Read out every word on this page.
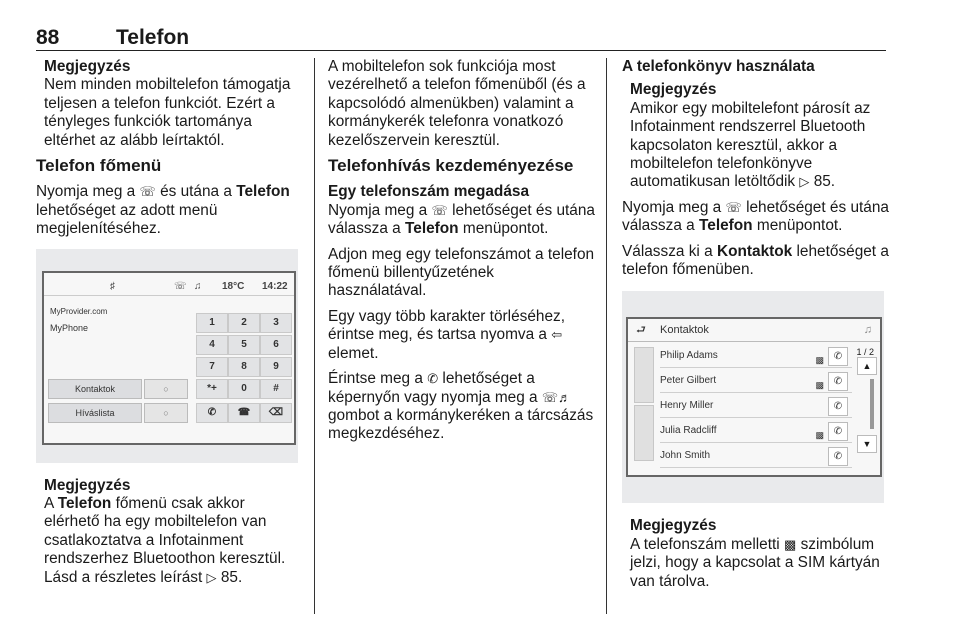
88	Telefon
Megjegyzés
Nem minden mobiltelefon támogatja teljesen a telefon funkciót. Ezért a tényleges funkciók tartománya eltérhet az alább leírtaktól.
Telefon főmenü

Nyomja meg a ☏ és utána a Telefon lehetőséget az adott menü megjelenítéséhez.

♯	☏ ♫ 18°C 14:22
MyProvider.com
MyPhone	1	2	3
4	5	6
7	8	9
*+	0	#
✆	☎	⌫
Kontaktok	○
Híváslista	○
Megjegyzés
A Telefon főmenü csak akkor elérhető ha egy mobiltelefon van csatlakoztatva a Infotainment rendszerhez Bluetoothon keresztül. Lásd a részletes leírást ▷ 85.

A mobiltelefon sok funkciója most vezérelhető a telefon főmenüből (és a kapcsolódó almenükben) valamint a kormánykerék telefonra vonatkozó kezelőszervein keresztül.

Telefonhívás kezdeményezése
Egy telefonszám megadása

Nyomja meg a ☏ lehetőséget és utána válassza a Telefon menüpontot.

Adjon meg egy telefonszámot a telefon főmenü billentyűzetének használatával.

Egy vagy több karakter törléséhez, érintse meg, és tartsa nyomva a ⇦ elemet.

Érintse meg a ✆ lehetőséget a képernyőn vagy nyomja meg a ☏♬ gombot a kormánykeréken a tárcsázás megkezdéséhez.

A telefonkönyv használata
Megjegyzés
Amikor egy mobiltelefont párosít az Infotainment rendszerrel Bluetooth kapcsolaton keresztül, akkor a mobiltelefon telefonkönyve automatikusan letöltődik ▷ 85.

Nyomja meg a ☏ lehetőséget és utána válassza a Telefon menüpontot.

Válassza ki a Kontaktok lehetőséget a telefon főmenüben.

⮐ Kontaktok	♫
Philip Adams	▩ ✆
Peter Gilbert	▩ ✆
Henry Miller	✆
Julia Radcliff	▩ ✆
John Smith	✆
1 / 2
▲
▼
Megjegyzés
A telefonszám melletti ▩ szimbólum jelzi, hogy a kapcsolat a SIM kártyán van tárolva.
